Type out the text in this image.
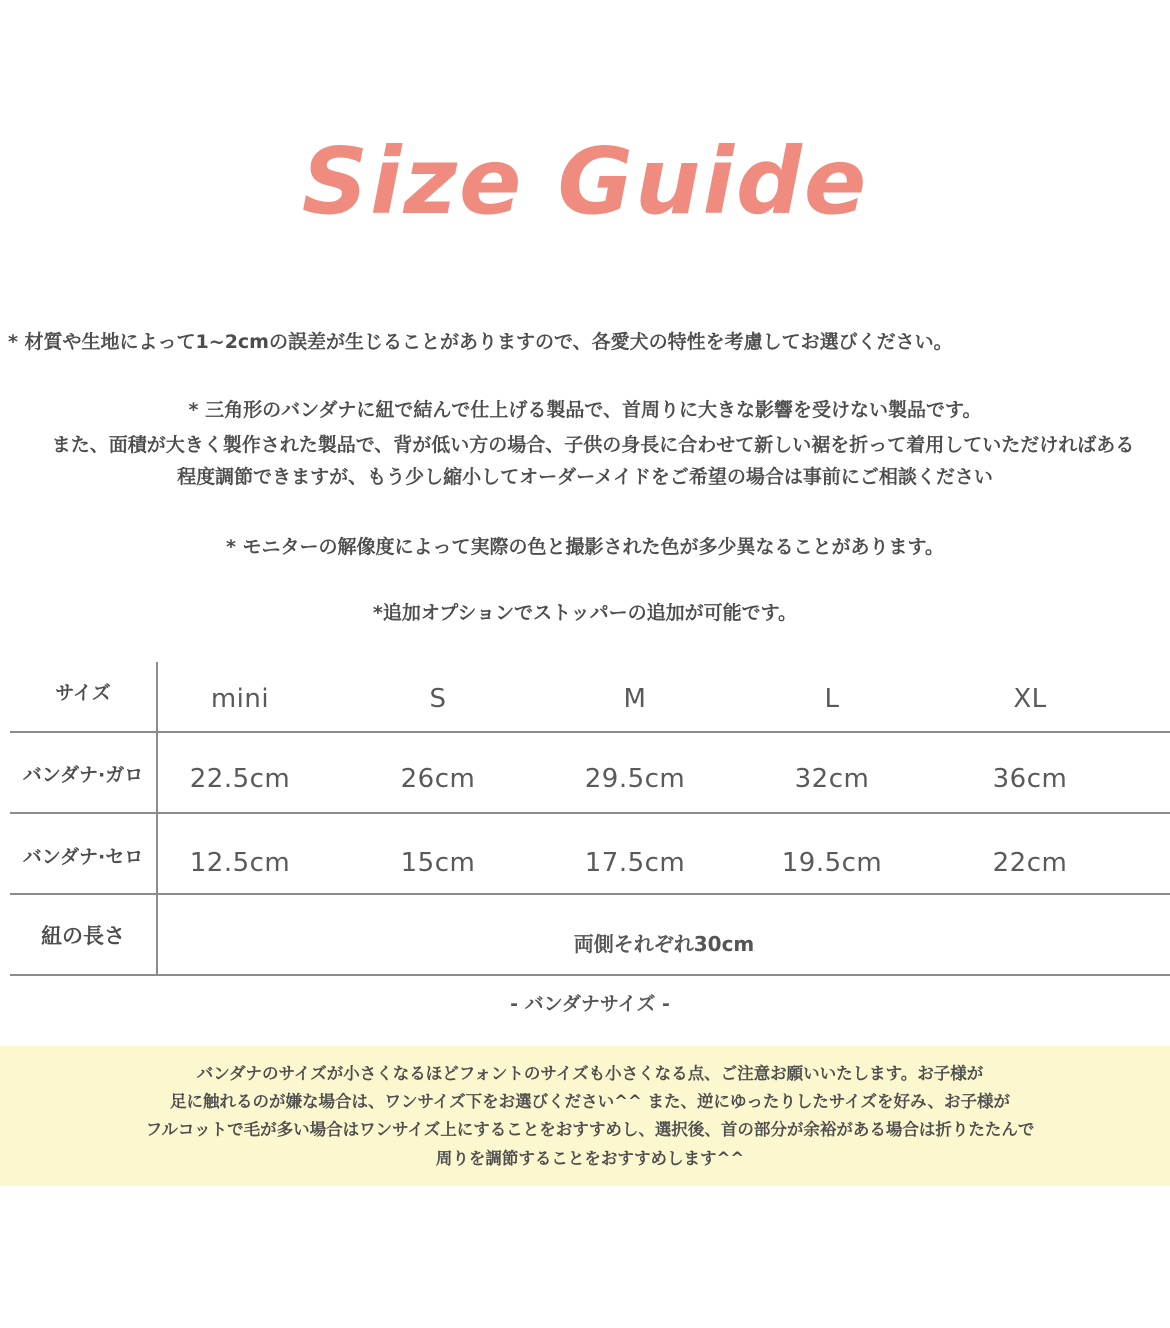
Size Guide
* 材質や生地によって1~2cmの誤差が生じることがありますので、各愛犬の特性を考慮してお選びください。
* 三角形のバンダナに紐で結んで仕上げる製品で、首周りに大きな影響を受けない製品です。
また、面積が大きく製作された製品で、背が低い方の場合、子供の身長に合わせて新しい裾を折って着用していただければある
程度調節できますが、もう少し縮小してオーダーメイドをご希望の場合は事前にご相談ください
* モニターの解像度によって実際の色と撮影された色が多少異なることがあります。
*追加オプションでストッパーの追加が可能です。
サイズ	mini	S	M	L	XL
バンダナ·ガロ	22.5cm	26cm	29.5cm	32cm	36cm
バンダナ·セロ	12.5cm	15cm	17.5cm	19.5cm	22cm
紐の長さ	両側それぞれ30cm
- バンダナサイズ -
バンダナのサイズが小さくなるほどフォントのサイズも小さくなる点、ご注意お願いいたします。お子様が
足に触れるのが嫌な場合は、ワンサイズ下をお選びください^^ また、逆にゆったりしたサイズを好み、お子様が
フルコットで毛が多い場合はワンサイズ上にすることをおすすめし、選択後、首の部分が余裕がある場合は折りたたんで
周りを調節することをおすすめします^^
